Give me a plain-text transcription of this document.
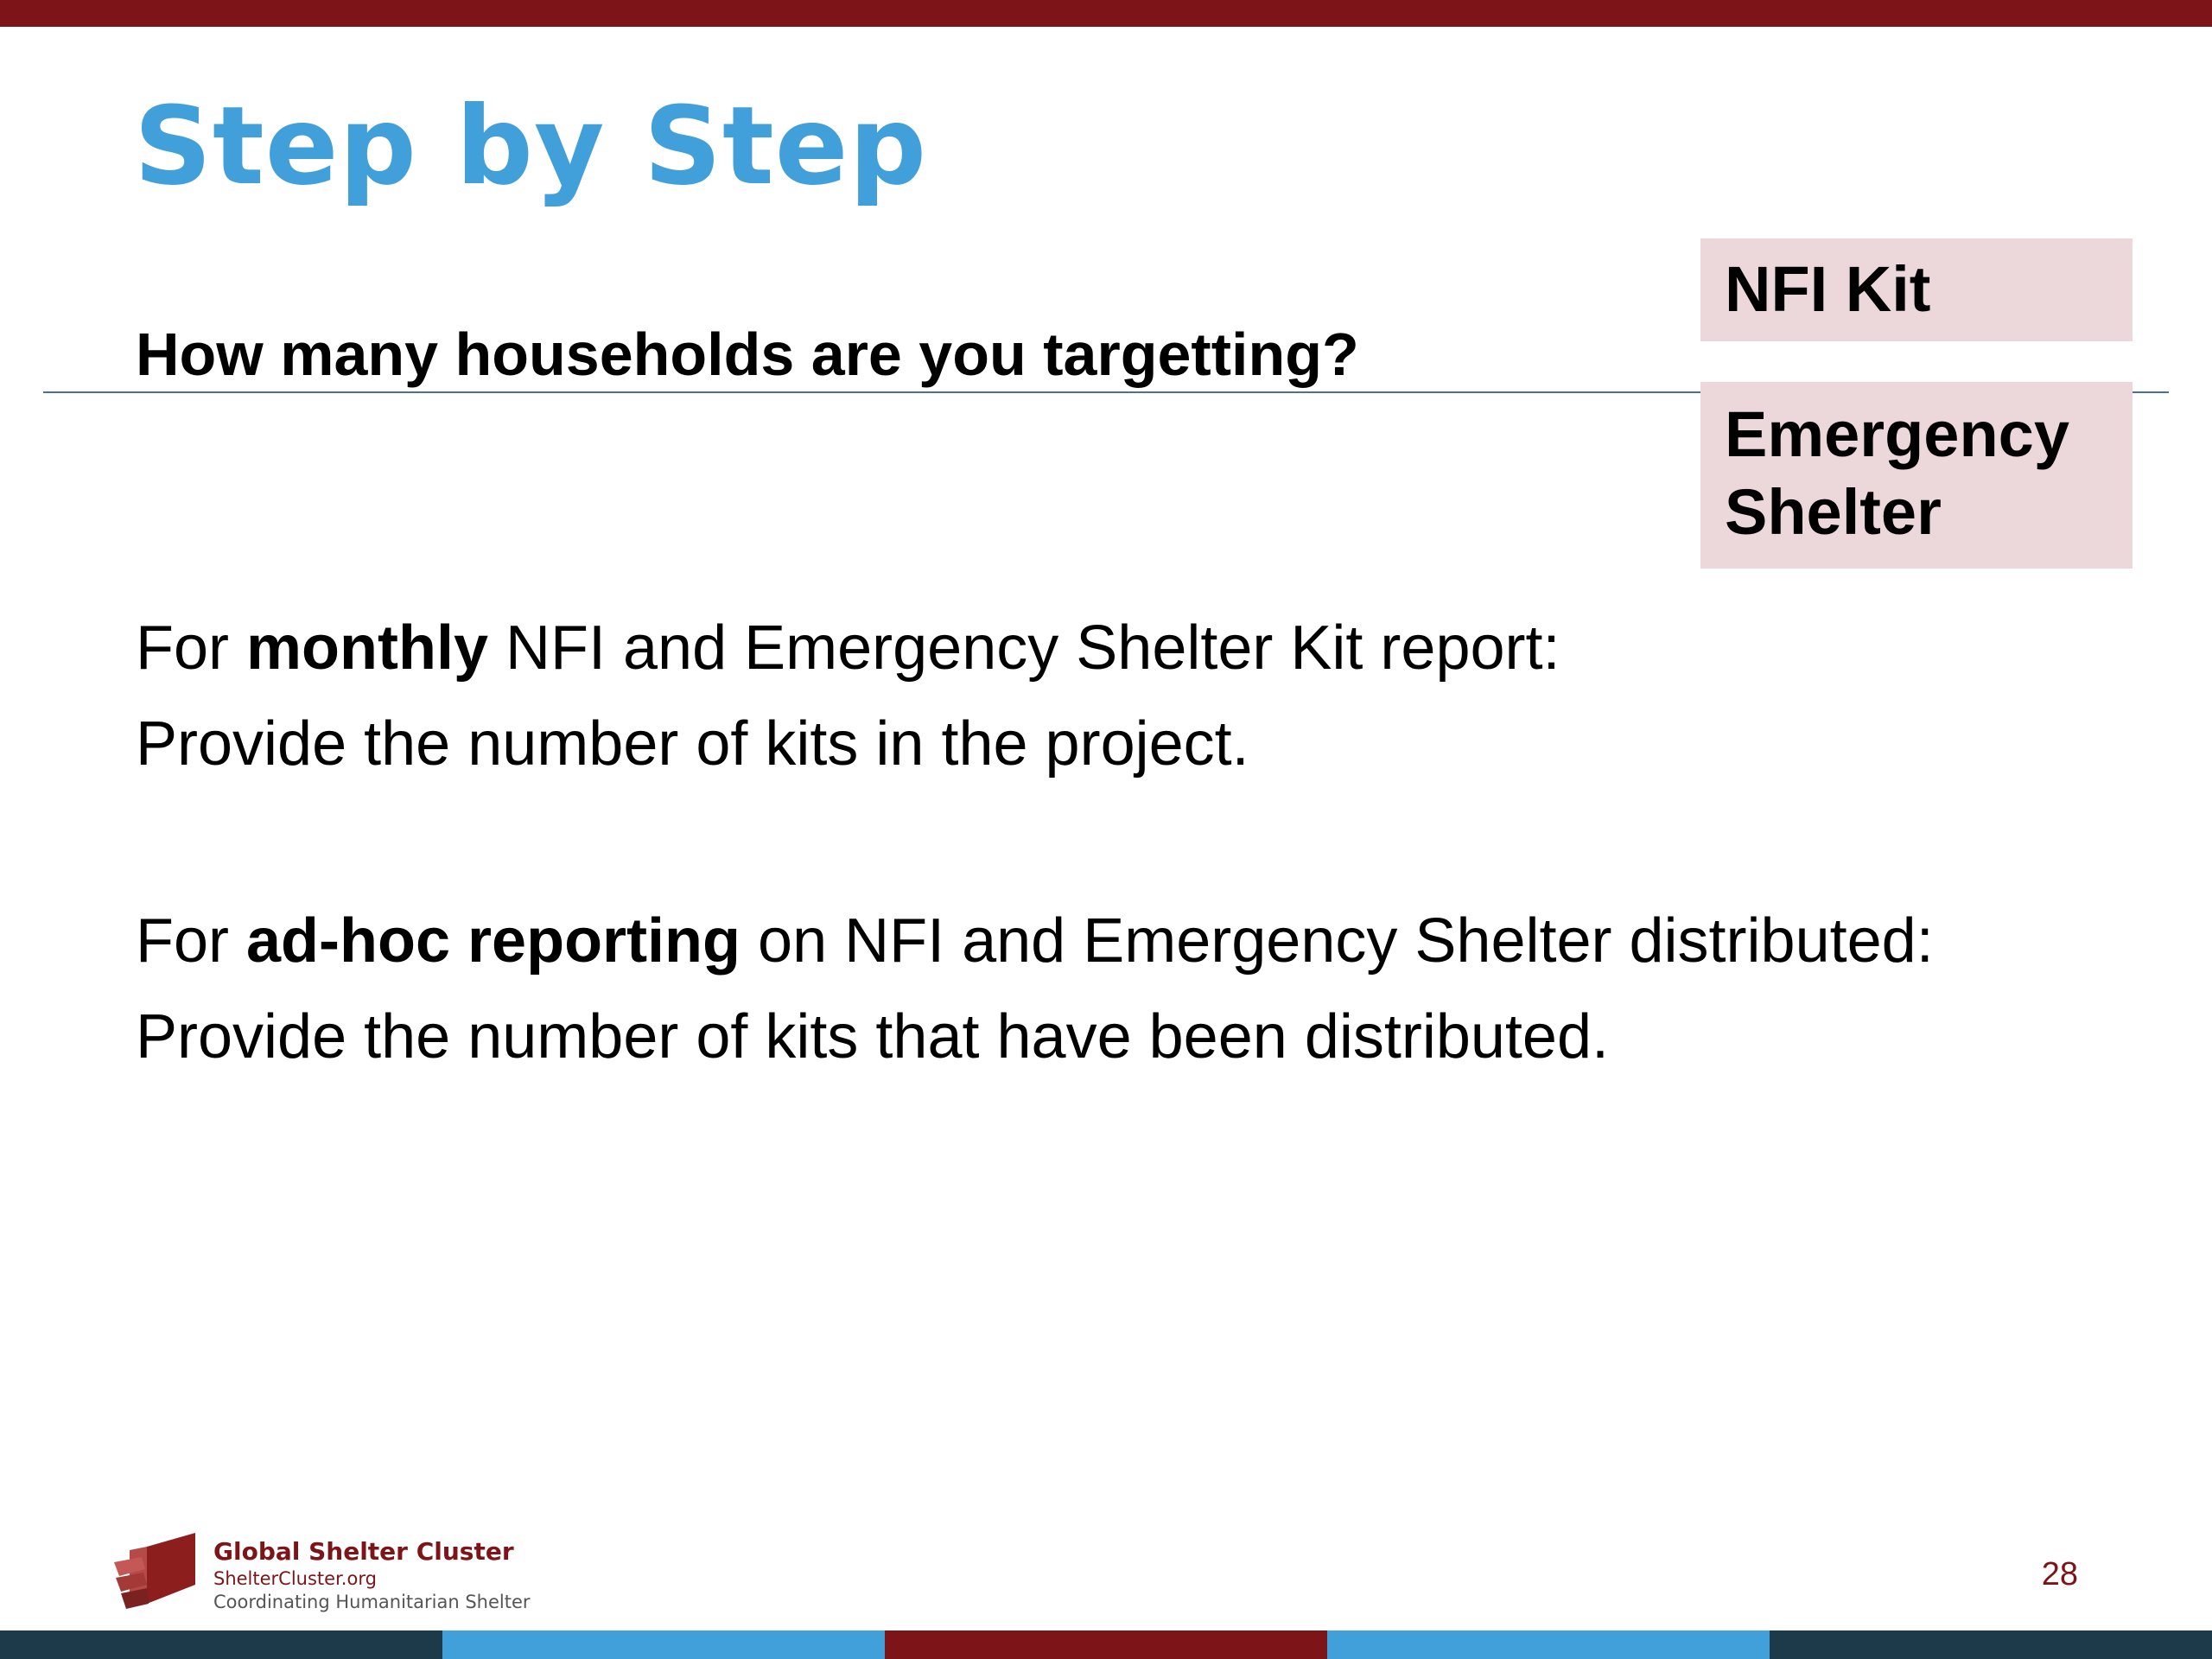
Step by Step

How many households are you targetting?

NFI Kit
Emergency
Shelter

For monthly NFI and Emergency Shelter Kit report:
Provide the number of kits in the project.

For ad-hoc reporting on NFI and Emergency Shelter distributed:
Provide the number of kits that have been distributed.

Global Shelter Cluster
ShelterCluster.org
Coordinating Humanitarian Shelter
28
